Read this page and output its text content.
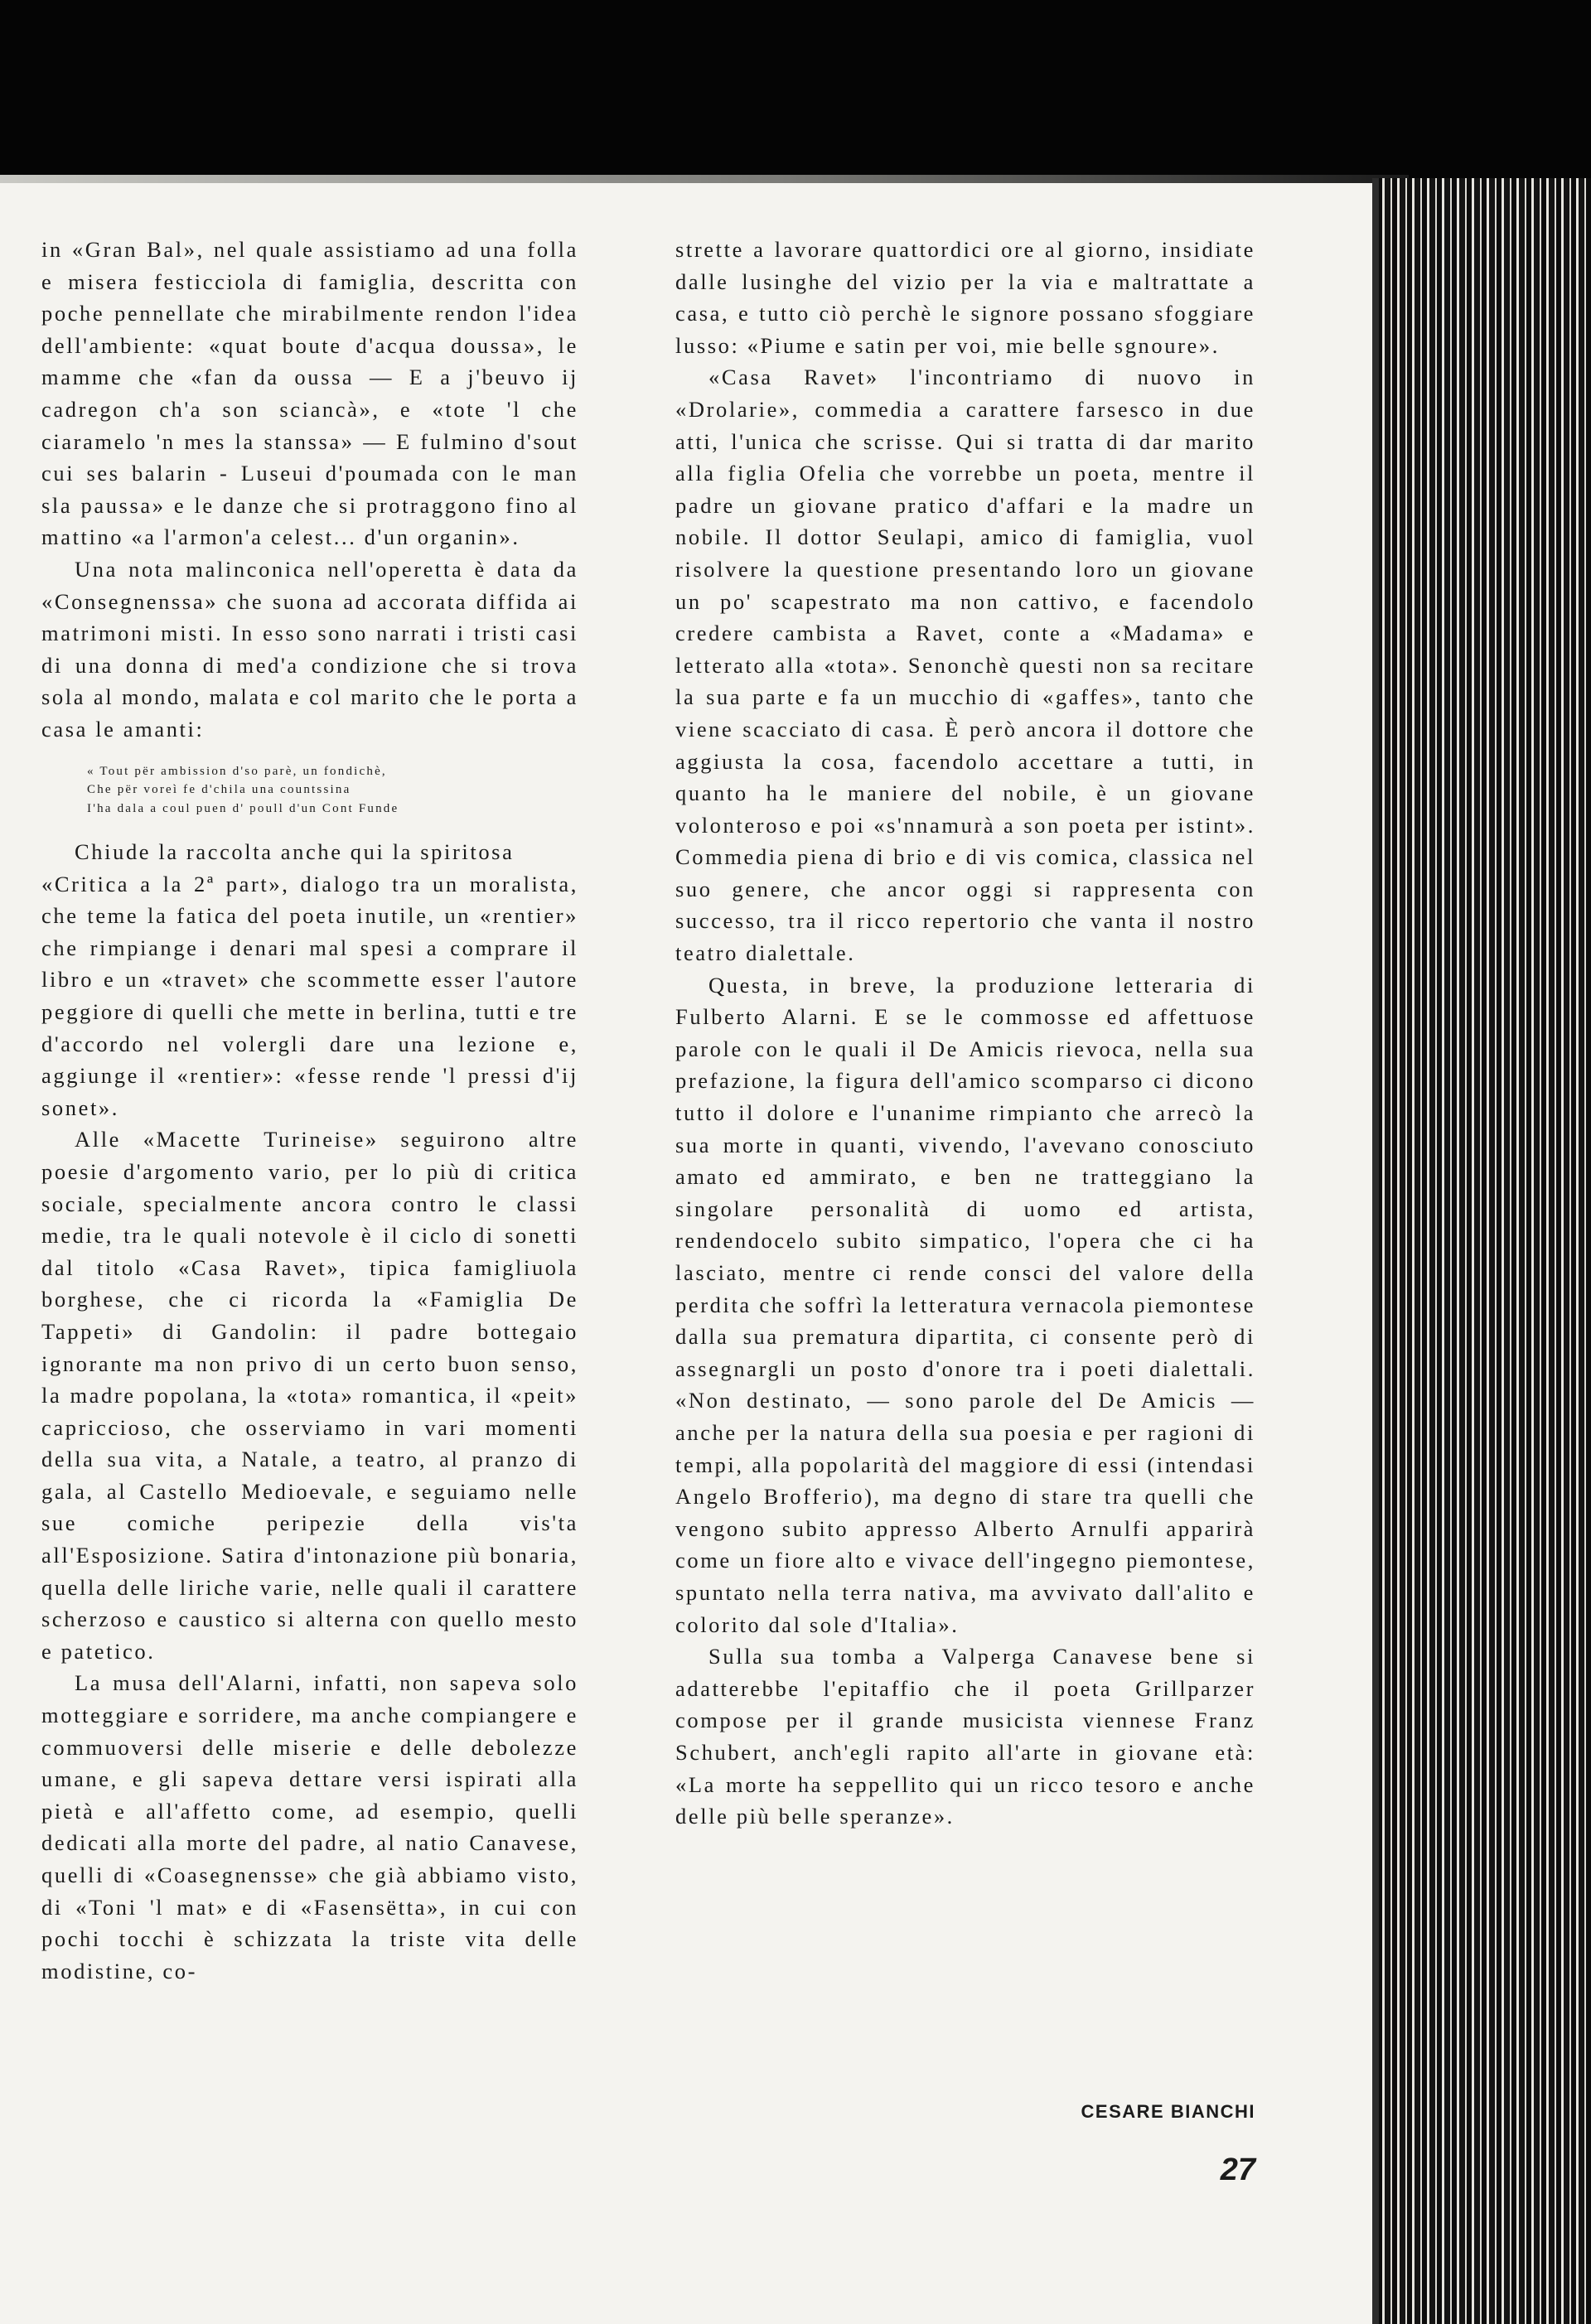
in «Gran Bal», nel quale assistiamo ad una folla e misera festicciola di famiglia, descritta con poche pennellate che mirabilmente rendon l'idea dell'ambiente: «quat boute d'acqua doussa», le mamme che «fan da oussa — E a j'beuvo ij cadregon ch'a son sciancà», e «tote 'l che ciaramelo 'n mes la stanssa» — E fulmino d'sout cui ses balarin - Luseui d'poumada con le man sla paussa» e le danze che si protraggono fino al mattino «a l'armon'a celest... d'un organin».

Una nota malinconica nell'operetta è data da «Consegnenssa» che suona ad accorata diffida ai matrimoni misti. In esso sono narrati i tristi casi di una donna di med'a condizione che si trova sola al mondo, malata e col marito che le porta a casa le amanti:

« Tout për ambission d'so parè, un fondichè,
Che për voreì fe d'chila una countssina
I'ha dala a coul puen d' poull d'un Cont Funde

Chiude la raccolta anche qui la spiritosa

«Critica a la 2ª part», dialogo tra un moralista, che teme la fatica del poeta inutile, un «rentier» che rimpiange i denari mal spesi a comprare il libro e un «travet» che scommette esser l'autore peggiore di quelli che mette in berlina, tutti e tre d'accordo nel volergli dare una lezione e, aggiunge il «rentier»: «fesse rende 'l pressi d'ij sonet».

Alle «Macette Turineise» seguirono altre poesie d'argomento vario, per lo più di critica sociale, specialmente ancora contro le classi medie, tra le quali notevole è il ciclo di sonetti dal titolo «Casa Ravet», tipica famigliuola borghese, che ci ricorda la «Famiglia De Tappeti» di Gandolin: il padre bottegaio ignorante ma non privo di un certo buon senso, la madre popolana, la «tota» romantica, il «peit» capriccioso, che osserviamo in vari momenti della sua vita, a Natale, a teatro, al pranzo di gala, al Castello Medioevale, e seguiamo nelle sue comiche peripezie della vis'ta all'Esposizione. Satira d'intonazione più bonaria, quella delle liriche varie, nelle quali il carattere scherzoso e caustico si alterna con quello mesto e patetico.

La musa dell'Alarni, infatti, non sapeva solo motteggiare e sorridere, ma anche compiangere e commuoversi delle miserie e delle debolezze umane, e gli sapeva dettare versi ispirati alla pietà e all'affetto come, ad esempio, quelli dedicati alla morte del padre, al natio Canavese, quelli di «Coasegnensse» che già abbiamo visto, di «Toni 'l mat» e di «Fasensëtta», in cui con pochi tocchi è schizzata la triste vita delle modistine, co-

strette a lavorare quattordici ore al giorno, insidiate dalle lusinghe del vizio per la via e maltrattate a casa, e tutto ciò perchè le signore possano sfoggiare lusso: «Piume e satin per voi, mie belle sgnoure».

«Casa Ravet» l'incontriamo di nuovo in «Drolarie», commedia a carattere farsesco in due atti, l'unica che scrisse. Qui si tratta di dar marito alla figlia Ofelia che vorrebbe un poeta, mentre il padre un giovane pratico d'affari e la madre un nobile. Il dottor Seulapi, amico di famiglia, vuol risolvere la questione presentando loro un giovane un po' scapestrato ma non cattivo, e facendolo credere cambista a Ravet, conte a «Madama» e letterato alla «tota». Senonchè questi non sa recitare la sua parte e fa un mucchio di «gaffes», tanto che viene scacciato di casa. È però ancora il dottore che aggiusta la cosa, facendolo accettare a tutti, in quanto ha le maniere del nobile, è un giovane volonteroso e poi «s'nnamurà a son poeta per istint». Commedia piena di brio e di vis comica, classica nel suo genere, che ancor oggi si rappresenta con successo, tra il ricco repertorio che vanta il nostro teatro dialettale.

Questa, in breve, la produzione letteraria di Fulberto Alarni. E se le commosse ed affettuose parole con le quali il De Amicis rievoca, nella sua prefazione, la figura dell'amico scomparso ci dicono tutto il dolore e l'unanime rimpianto che arrecò la sua morte in quanti, vivendo, l'avevano conosciuto amato ed ammirato, e ben ne tratteggiano la singolare personalità di uomo ed artista, rendendocelo subito simpatico, l'opera che ci ha lasciato, mentre ci rende consci del valore della perdita che soffrì la letteratura vernacola piemontese dalla sua prematura dipartita, ci consente però di assegnargli un posto d'onore tra i poeti dialettali. «Non destinato, — sono parole del De Amicis — anche per la natura della sua poesia e per ragioni di tempi, alla popolarità del maggiore di essi (intendasi Angelo Brofferio), ma degno di stare tra quelli che vengono subito appresso Alberto Arnulfi apparirà come un fiore alto e vivace dell'ingegno piemontese, spuntato nella terra nativa, ma avvivato dall'alito e colorito dal sole d'Italia».

Sulla sua tomba a Valperga Canavese bene si adatterebbe l'epitaffio che il poeta Grillparzer compose per il grande musicista viennese Franz Schubert, anch'egli rapito all'arte in giovane età: «La morte ha seppellito qui un ricco tesoro e anche delle più belle speranze».

CESARE BIANCHI
27
